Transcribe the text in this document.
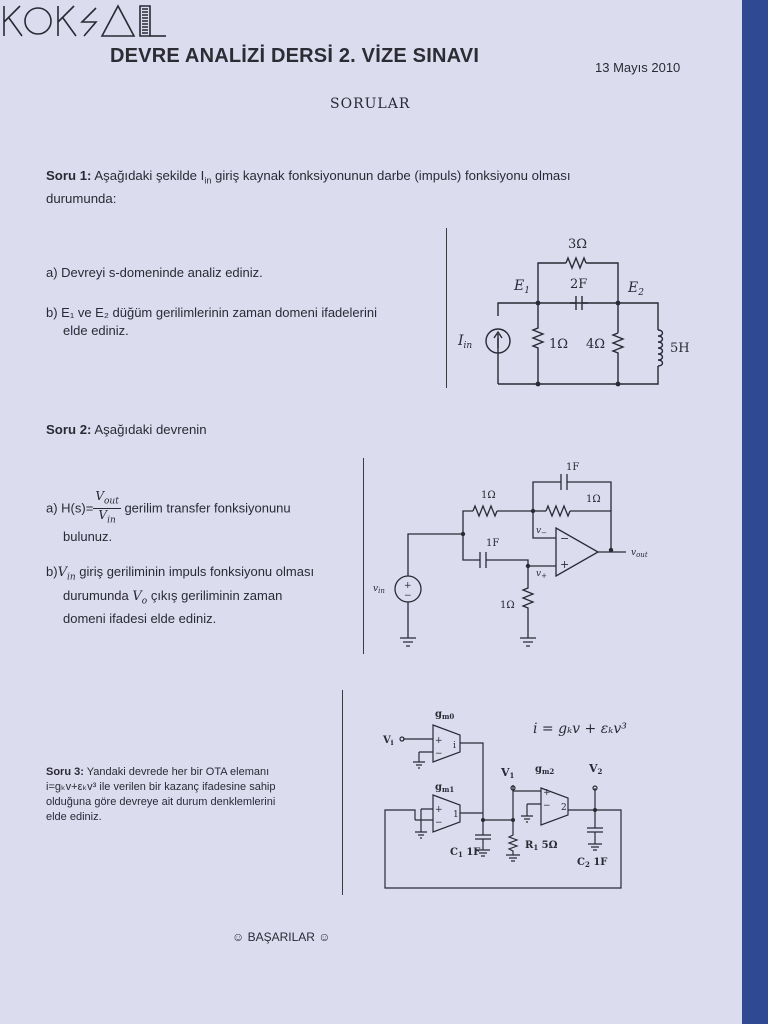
DEVRE ANALİZİ DERSİ 2. VİZE SINAVI
13 Mayıs 2010
SORULAR
Soru 1: Aşağıdaki şekilde $I_{in}$ giriş kaynak fonksiyonunun darbe (impuls) fonksiyonu olması
durumunda:
a) Devreyi s-domeninde analiz ediniz.
b) E₁ ve E₂ düğüm gerilimlerinin zaman domeni ifadelerini
elde ediniz.
3Ω
2F
$E_1$	$E_2$
$I_{in}$	1Ω 4Ω	5H
Soru 2: Aşağıdaki devrenin
a) H(s)=
$V_{out}$
$V_{in}$
gerilim transfer fonksiyonunu
bulunuz.
$b)V_{in}$ giriş geriliminin impuls fonksiyonu olması
durumunda $V_o$ çıkış geriliminin zaman
domeni ifadesi elde ediniz.
1F
1Ω
1Ω
1F
1Ω
$v_-$
$v_+$
−
+
$v_{out}$
$v_{in}$ +
−
Soru 3: Yandaki devrede her bir OTA elemanı
i=gₖv+εₖv³ ile verilen bir kazanç ifadesine sahip
olduğuna göre devreye ait durum denklemlerini
elde ediniz.
i = gₖv + εₖv³
$g_{m0}$
$g_{m1}$
$g_{m2}$
$V_i$
V1
V2
$C_1$ 1F
$R_1$ 5Ω
$C_2$ 1F
+
−
i
+
−
1
+
− 2
☺ BAŞARILAR ☺
